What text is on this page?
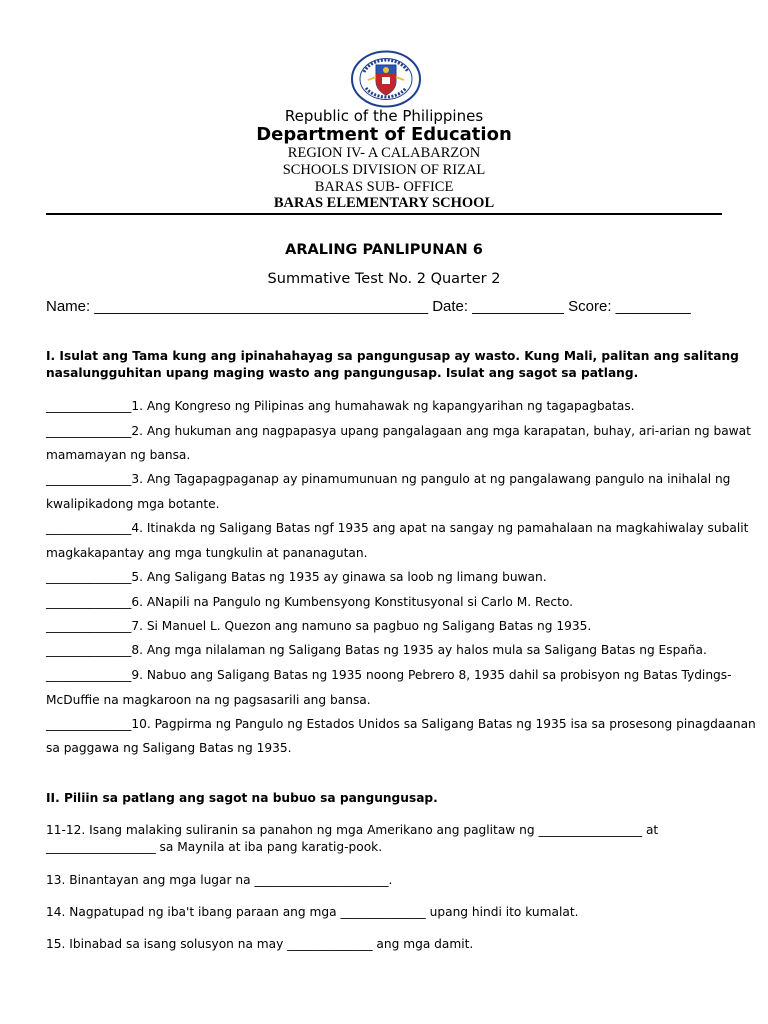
Republic of the Philippines
Department of Education
REGION IV- A CALABARZON
SCHOOLS DIVISION OF RIZAL
BARAS SUB- OFFICE
BARAS ELEMENTARY SCHOOL
ARALING PANLIPUNAN 6
Summative Test No. 2 Quarter 2
Name: ________________________________________ Date: ___________ Score: _________
I. Isulat ang Tama kung ang ipinahahayag sa pangungusap ay wasto. Kung Mali, palitan ang salitang
nasalungguhitan upang maging wasto ang pangungusap. Isulat ang sagot sa patlang.
______________1. Ang Kongreso ng Pilipinas ang humahawak ng kapangyarihan ng tagapagbatas.
______________2. Ang hukuman ang nagpapasya upang pangalagaan ang mga karapatan, buhay, ari-arian ng bawat
mamamayan ng bansa.
______________3. Ang Tagapagpaganap ay pinamumunuan ng pangulo at ng pangalawang pangulo na inihalal ng
kwalipikadong mga botante.
______________4. Itinakda ng Saligang Batas ngf 1935 ang apat na sangay ng pamahalaan na magkahiwalay subalit
magkakapantay ang mga tungkulin at pananagutan.
______________5. Ang Saligang Batas ng 1935 ay ginawa sa loob ng limang buwan.
______________6. ANapili na Pangulo ng Kumbensyong Konstitusyonal si Carlo M. Recto.
______________7. Si Manuel L. Quezon ang namuno sa pagbuo ng Saligang Batas ng 1935.
______________8. Ang mga nilalaman ng Saligang Batas ng 1935 ay halos mula sa Saligang Batas ng España.
______________9. Nabuo ang Saligang Batas ng 1935 noong Pebrero 8, 1935 dahil sa probisyon ng Batas Tydings-
McDuffie na magkaroon na ng pagsasarili ang bansa.
______________10. Pagpirma ng Pangulo ng Estados Unidos sa Saligang Batas ng 1935 isa sa prosesong pinagdaanan
sa paggawa ng Saligang Batas ng 1935.
II. Piliin sa patlang ang sagot na bubuo sa pangungusap.
11-12. Isang malaking suliranin sa panahon ng mga Amerikano ang paglitaw ng _________________ at
__________________ sa Maynila at iba pang karatig-pook.
13. Binantayan ang mga lugar na ______________________.
14. Nagpatupad ng iba't ibang paraan ang mga ______________ upang hindi ito kumalat.
15. Ibinabad sa isang solusyon na may ______________ ang mga damit.
